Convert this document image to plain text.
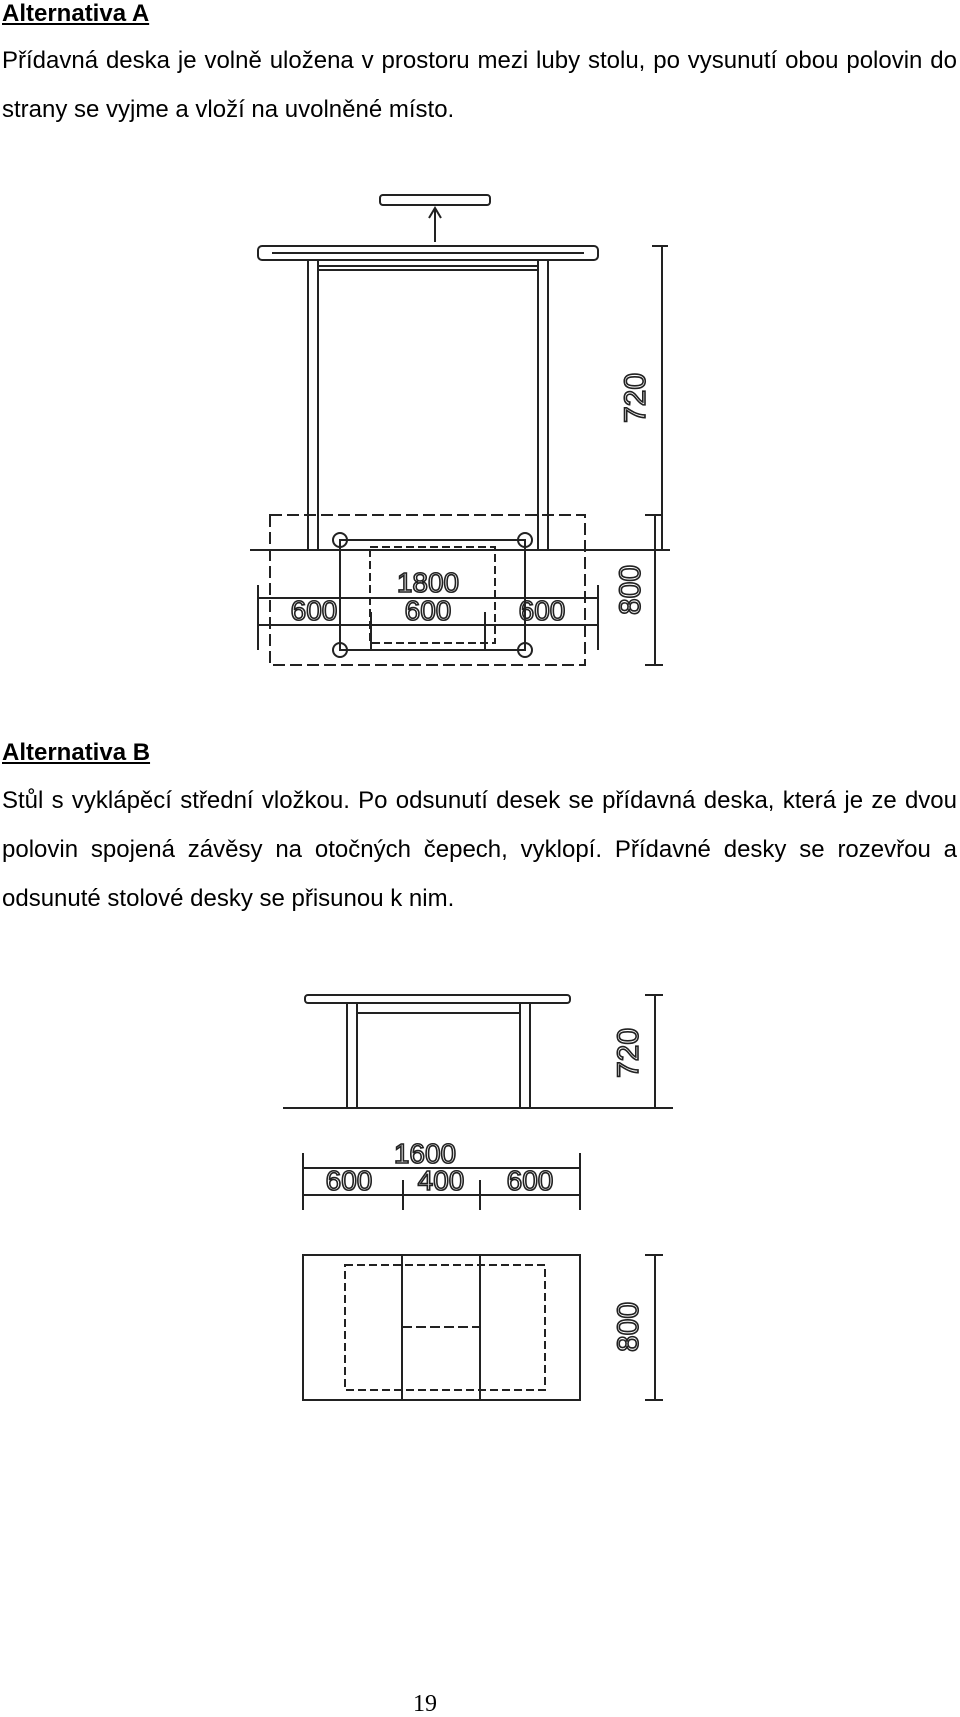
Alternativa A

Přídavná deska je volně uložena v prostoru mezi luby stolu, po vysunutí obou polovin do strany se vyjme a vloží na uvolněné místo.

720
1800
600 600 600 800
Alternativa B

Stůl s vyklápěcí střední vložkou. Po odsunutí desek se přídavná deska, která je ze dvou polovin spojená závěsy na otočných čepech, vyklopí. Přídavné desky se rozevřou a odsunuté stolové desky se přisunou k nim.

720
1600
600 400 600
800
19
